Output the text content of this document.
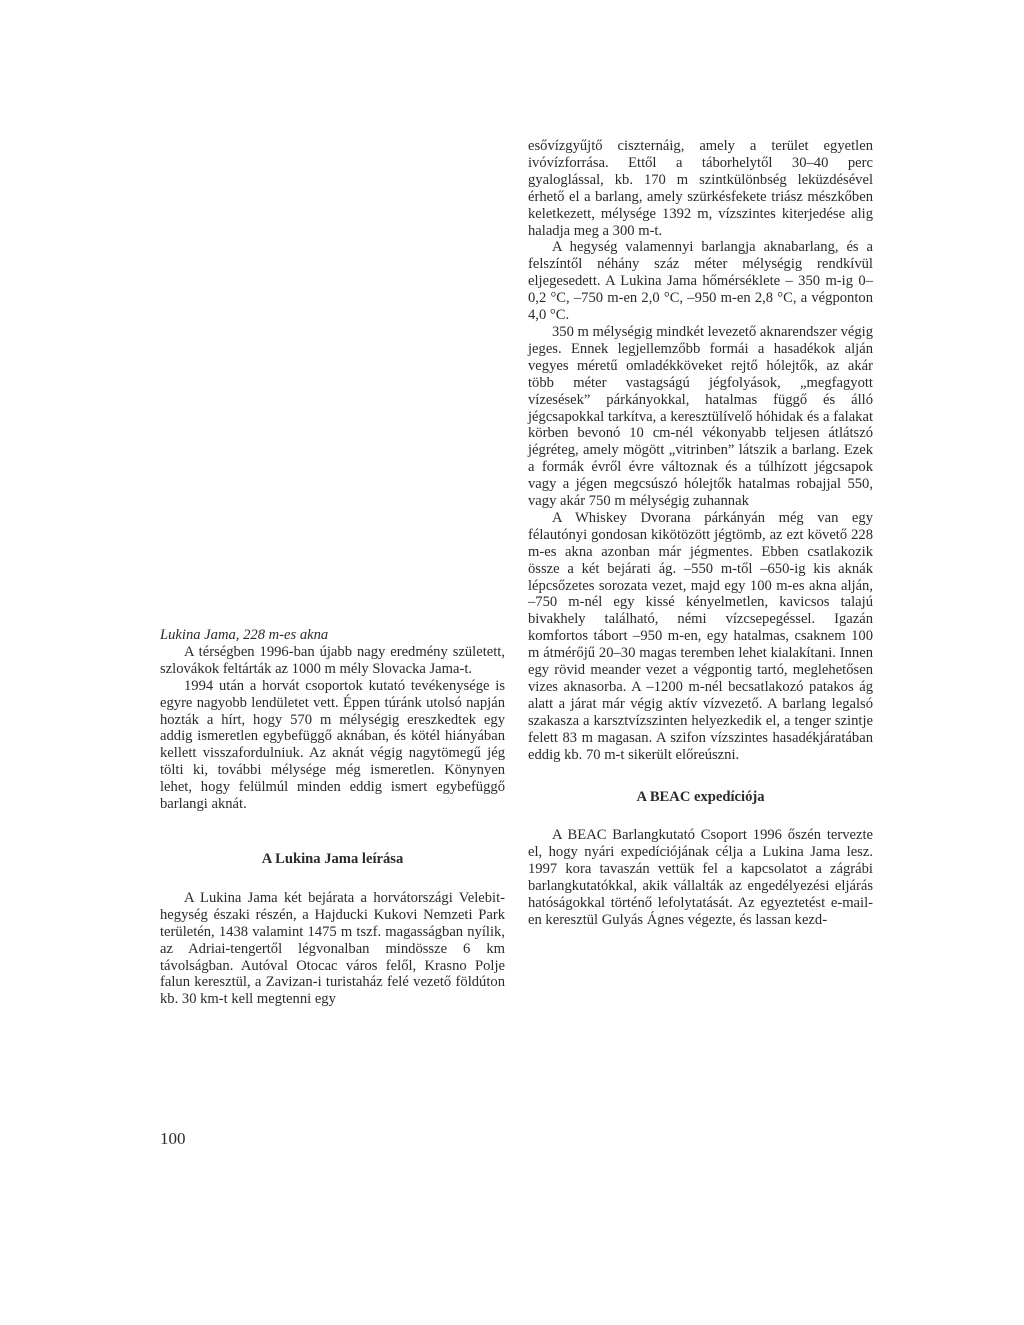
Lukina Jama, 228 m-es akna

A térségben 1996-ban újabb nagy eredmény született, szlovákok feltárták az 1000 m mély Slovacka Jama-t.

1994 után a horvát csoportok kutató tevékenysége is egyre nagyobb lendületet vett. Éppen túránk utolsó napján hozták a hírt, hogy 570 m mélységig ereszkedtek egy addig ismeretlen egybefüggő aknában, és kötél hiányában kellett visszafordulniuk. Az aknát végig nagytömegű jég tölti ki, további mélysége még ismeretlen. Könynyen lehet, hogy felülmúl minden eddig ismert egybefüggő barlangi aknát.

A Lukina Jama leírása

A Lukina Jama két bejárata a horvátországi Velebit-hegység északi részén, a Hajducki Kukovi Nemzeti Park területén, 1438 valamint 1475 m tszf. magasságban nyílik, az Adriai-tengertől légvonalban mindössze 6 km távolságban. Autóval Otocac város felől, Krasno Polje falun keresztül, a Zavizan-i turistaház felé vezető földúton kb. 30 km-t kell megtenni egy

esővízgyűjtő ciszternáig, amely a terület egyetlen ivóvízforrása. Ettől a táborhelytől 30–40 perc gyaloglással, kb. 170 m szintkülönbség leküzdésével érhető el a barlang, amely szürkésfekete triász mészkőben keletkezett, mélysége 1392 m, vízszintes kiterjedése alig haladja meg a 300 m-t.

A hegység valamennyi barlangja aknabarlang, és a felszíntől néhány száz méter mélységig rendkívül eljegesedett. A Lukina Jama hőmérséklete – 350 m-ig 0–0,2 °C, –750 m-en 2,0 °C, –950 m-en 2,8 °C, a végponton 4,0 °C.

350 m mélységig mindkét levezető aknarendszer végig jeges. Ennek legjellemzőbb formái a hasadékok alján vegyes méretű omladékköveket rejtő hólejtők, az akár több méter vastagságú jégfolyások, „megfagyott vízesések” párkányokkal, hatalmas függő és álló jégcsapokkal tarkítva, a keresztülívelő hóhidak és a falakat körben bevonó 10 cm-nél vékonyabb teljesen átlátszó jégréteg, amely mögött „vitrinben” látszik a barlang. Ezek a formák évről évre változnak és a túlhízott jégcsapok vagy a jégen megcsúszó hólejtők hatalmas robajjal 550, vagy akár 750 m mélységig zuhannak

A Whiskey Dvorana párkányán még van egy félautónyi gondosan kikötözött jégtömb, az ezt követő 228 m-es akna azonban már jégmentes. Ebben csatlakozik össze a két bejárati ág. –550 m-től –650-ig kis aknák lépcsőzetes sorozata vezet, majd egy 100 m-es akna alján, –750 m-nél egy kissé kényelmetlen, kavicsos talajú bivakhely található, némi vízcsepegéssel. Igazán komfortos tábort –950 m-en, egy hatalmas, csaknem 100 m átmérőjű 20–30 magas teremben lehet kialakítani. Innen egy rövid meander vezet a végpontig tartó, meglehetősen vizes aknasorba. A –1200 m-nél becsatlakozó patakos ág alatt a járat már végig aktív vízvezető. A barlang legalsó szakasza a karsztvízszinten helyezkedik el, a tenger szintje felett 83 m magasan. A szifon vízszintes hasadékjáratában eddig kb. 70 m-t sikerült előreúszni.

A BEAC expedíciója

A BEAC Barlangkutató Csoport 1996 őszén tervezte el, hogy nyári expedíciójának célja a Lukina Jama lesz. 1997 kora tavaszán vettük fel a kapcsolatot a zágrábi barlangkutatókkal, akik vállalták az engedélyezési eljárás hatóságokkal történő lefolytatását. Az egyeztetést e-mail-en keresztül Gulyás Ágnes végezte, és lassan kezd-

100
